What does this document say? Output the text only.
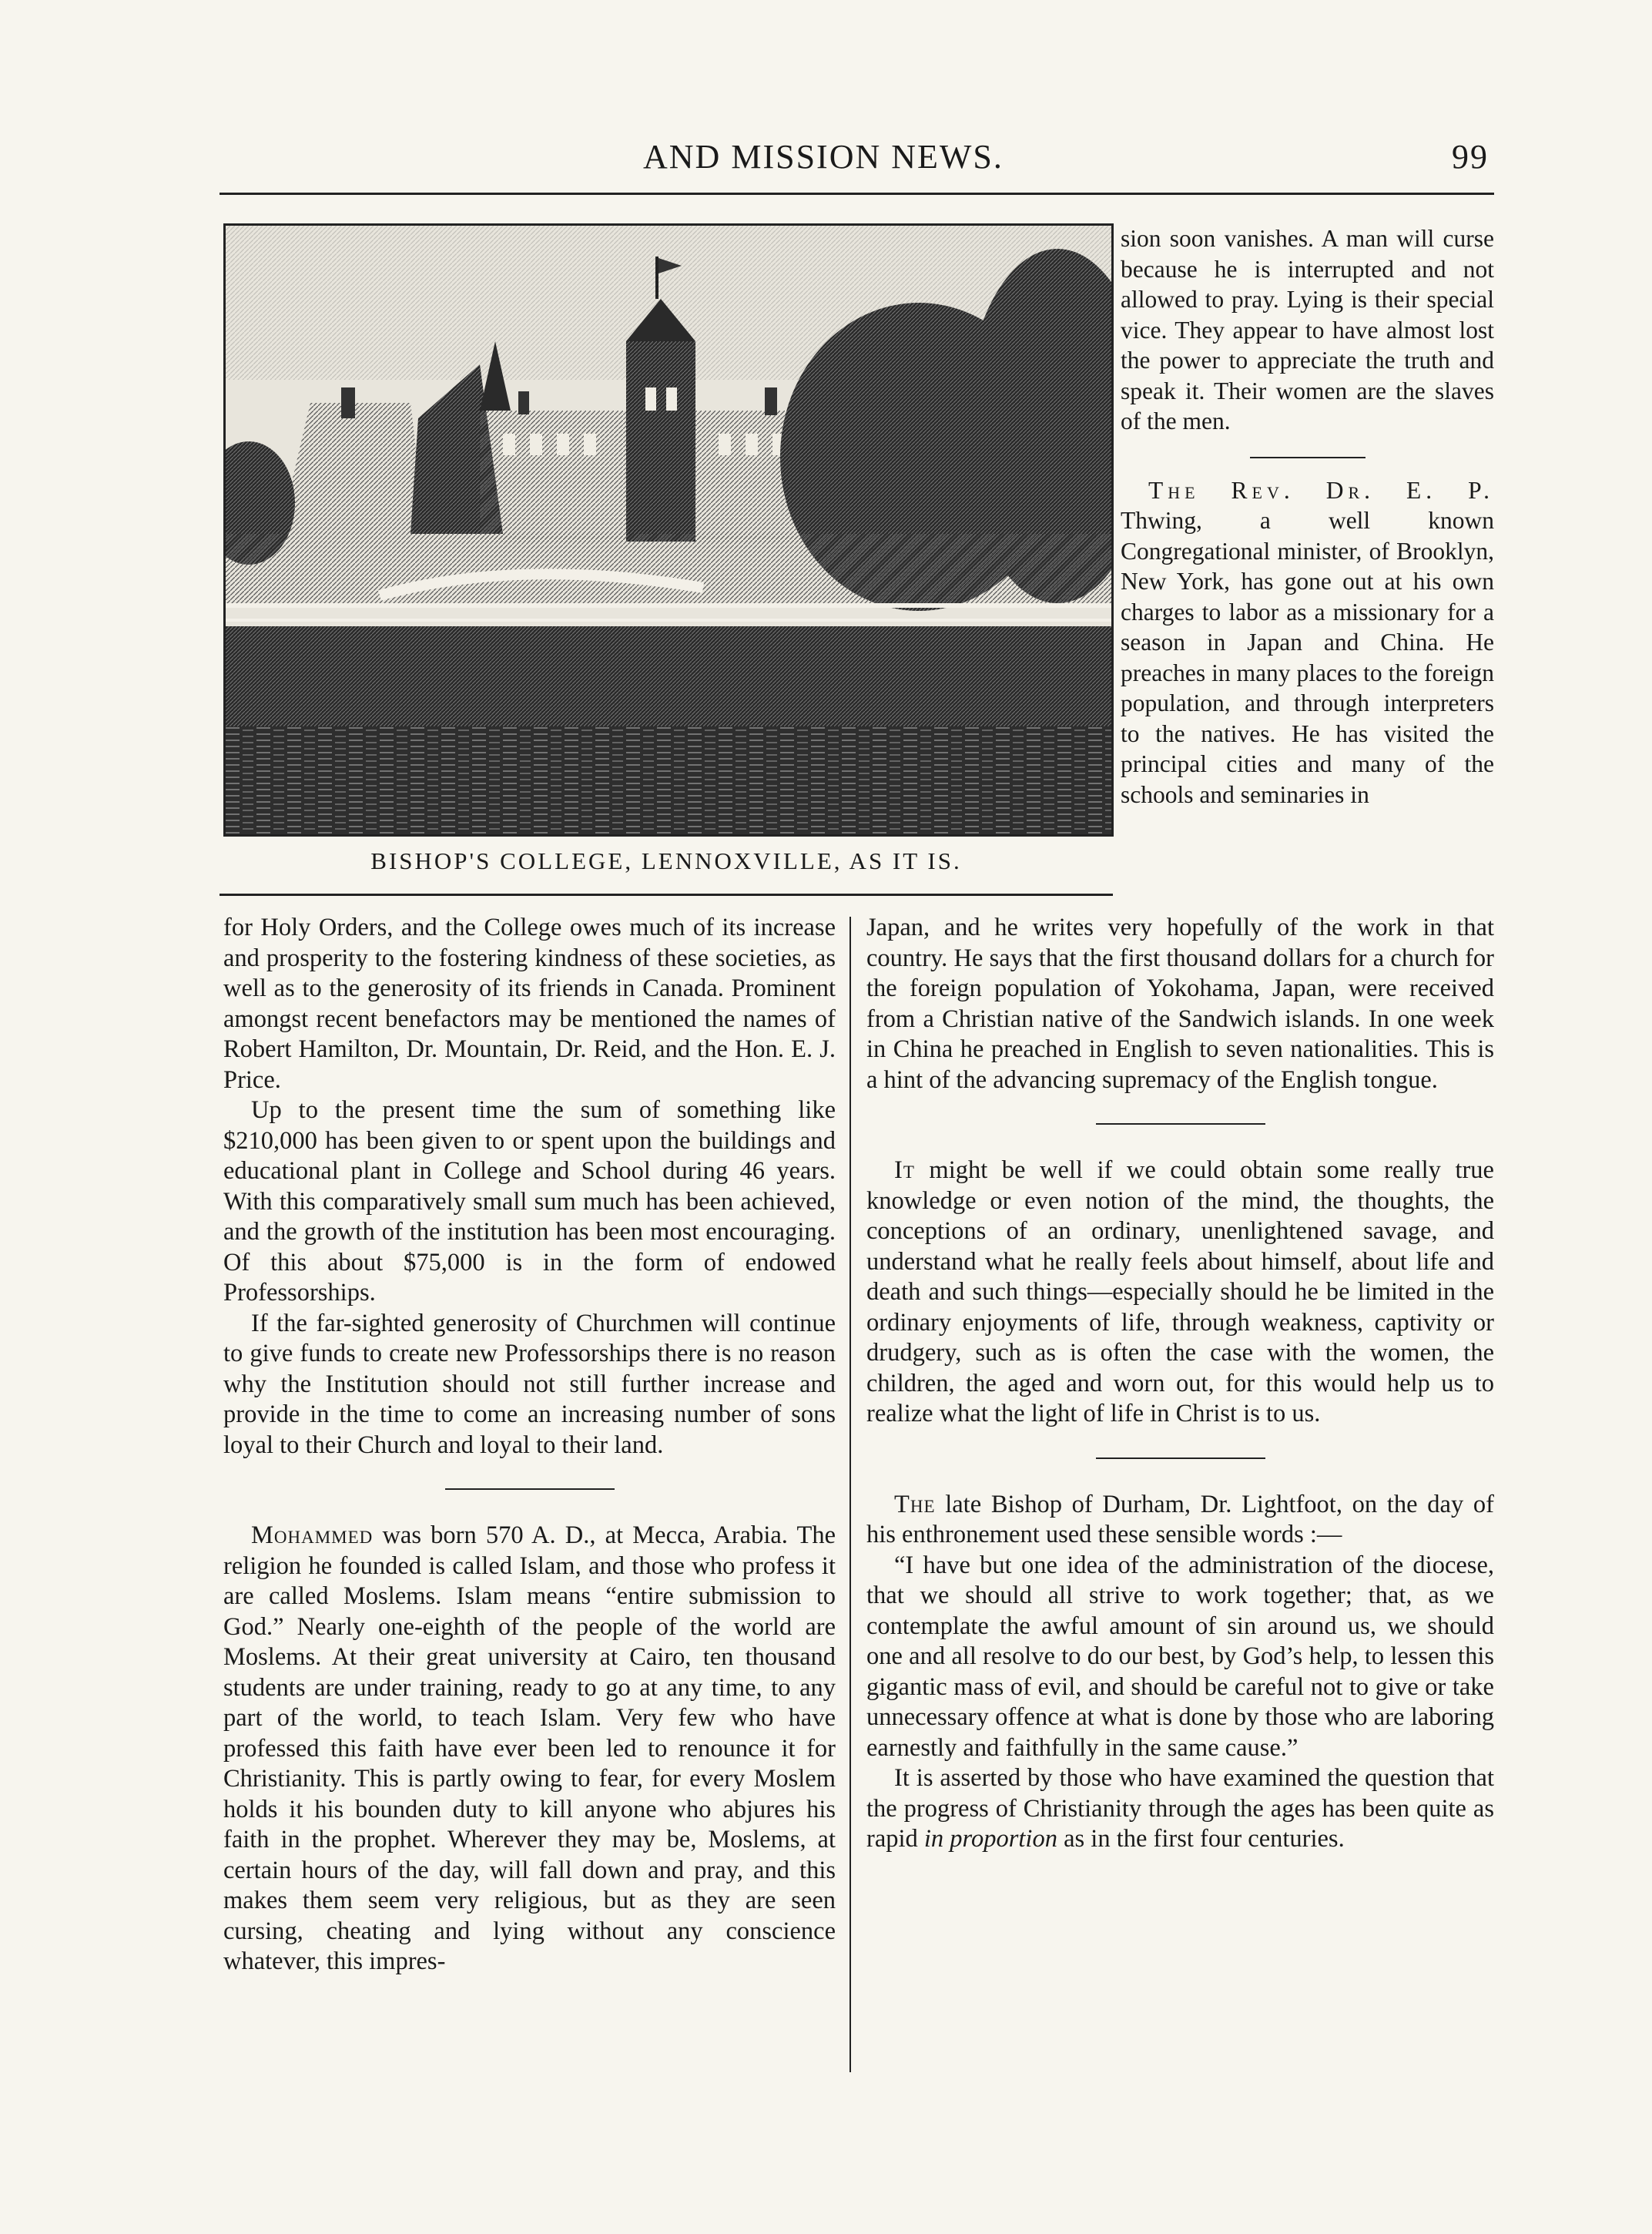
AND MISSION NEWS.	99
BISHOP'S COLLEGE, LENNOXVILLE, AS IT IS.

sion soon vanishes. A man will curse because he is interrupted and not allowed to pray. Lying is their special vice. They appear to have almost lost the power to appreciate the truth and speak it. Their women are the slaves of the men.

The Rev. Dr. E. P. Thwing, a well known Congregational minister, of Brooklyn, New York, has gone out at his own charges to labor as a missionary for a season in Japan and China. He preaches in many places to the foreign population, and through interpreters to the natives. He has visited the principal cities and many of the schools and seminaries in

for Holy Orders, and the College owes much of its increase and prosperity to the fostering kindness of these societies, as well as to the generosity of its friends in Canada. Prominent amongst recent benefactors may be mentioned the names of Robert Hamilton, Dr. Mountain, Dr. Reid, and the Hon. E. J. Price.

Up to the present time the sum of something like $210,000 has been given to or spent upon the buildings and educational plant in College and School during 46 years. With this comparatively small sum much has been achieved, and the growth of the institution has been most encouraging. Of this about $75,000 is in the form of endowed Professorships.

If the far-sighted generosity of Churchmen will continue to give funds to create new Professorships there is no reason why the Institution should not still further increase and provide in the time to come an increasing number of sons loyal to their Church and loyal to their land.

Mohammed was born 570 A. D., at Mecca, Arabia. The religion he founded is called Islam, and those who profess it are called Moslems. Islam means “entire submission to God.” Nearly one-eighth of the people of the world are Moslems. At their great university at Cairo, ten thousand students are under training, ready to go at any time, to any part of the world, to teach Islam. Very few who have professed this faith have ever been led to renounce it for Christianity. This is partly owing to fear, for every Moslem holds it his bounden duty to kill anyone who abjures his faith in the prophet. Wherever they may be, Moslems, at certain hours of the day, will fall down and pray, and this makes them seem very religious, but as they are seen cursing, cheating and lying without any conscience whatever, this impres-

Japan, and he writes very hopefully of the work in that country. He says that the first thousand dollars for a church for the foreign population of Yokohama, Japan, were received from a Christian native of the Sandwich islands. In one week in China he preached in English to seven nationalities. This is a hint of the advancing supremacy of the English tongue.

It might be well if we could obtain some really true knowledge or even notion of the mind, the thoughts, the conceptions of an ordinary, unenlightened savage, and understand what he really feels about himself, about life and death and such things—especially should he be limited in the ordinary enjoyments of life, through weakness, captivity or drudgery, such as is often the case with the women, the children, the aged and worn out, for this would help us to realize what the light of life in Christ is to us.

The late Bishop of Durham, Dr. Lightfoot, on the day of his enthronement used these sensible words :—

“I have but one idea of the administration of the diocese, that we should all strive to work together; that, as we contemplate the awful amount of sin around us, we should one and all resolve to do our best, by God’s help, to lessen this gigantic mass of evil, and should be careful not to give or take unnecessary offence at what is done by those who are laboring earnestly and faithfully in the same cause.”

It is asserted by those who have examined the question that the progress of Christianity through the ages has been quite as rapid in proportion as in the first four centuries.
